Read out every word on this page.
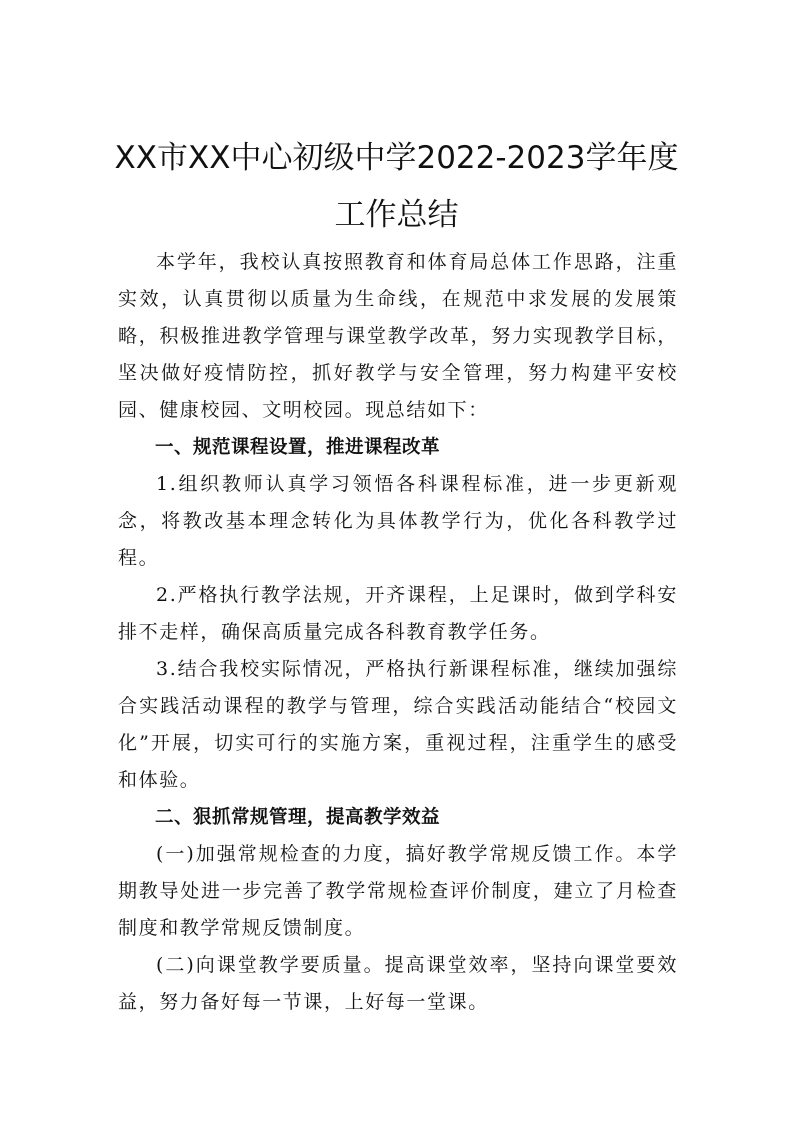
XX市XX中心初级中学2022-2023学年度
工作总结

本学年，我校认真按照教育和体育局总体工作思路，注重实效，认真贯彻以质量为生命线，在规范中求发展的发展策略，积极推进教学管理与课堂教学改革，努力实现教学目标，坚决做好疫情防控，抓好教学与安全管理，努力构建平安校园、健康校园、文明校园。现总结如下：

一、规范课程设置，推进课程改革

1.组织教师认真学习领悟各科课程标准，进一步更新观念，将教改基本理念转化为具体教学行为，优化各科教学过程。

2.严格执行教学法规，开齐课程，上足课时，做到学科安排不走样，确保高质量完成各科教育教学任务。

3.结合我校实际情况，严格执行新课程标准，继续加强综合实践活动课程的教学与管理，综合实践活动能结合“校园文化”开展，切实可行的实施方案，重视过程，注重学生的感受和体验。

二、狠抓常规管理，提高教学效益

(一)加强常规检查的力度，搞好教学常规反馈工作。本学期教导处进一步完善了教学常规检查评价制度，建立了月检查制度和教学常规反馈制度。

(二)向课堂教学要质量。提高课堂效率，坚持向课堂要效益，努力备好每一节课，上好每一堂课。
